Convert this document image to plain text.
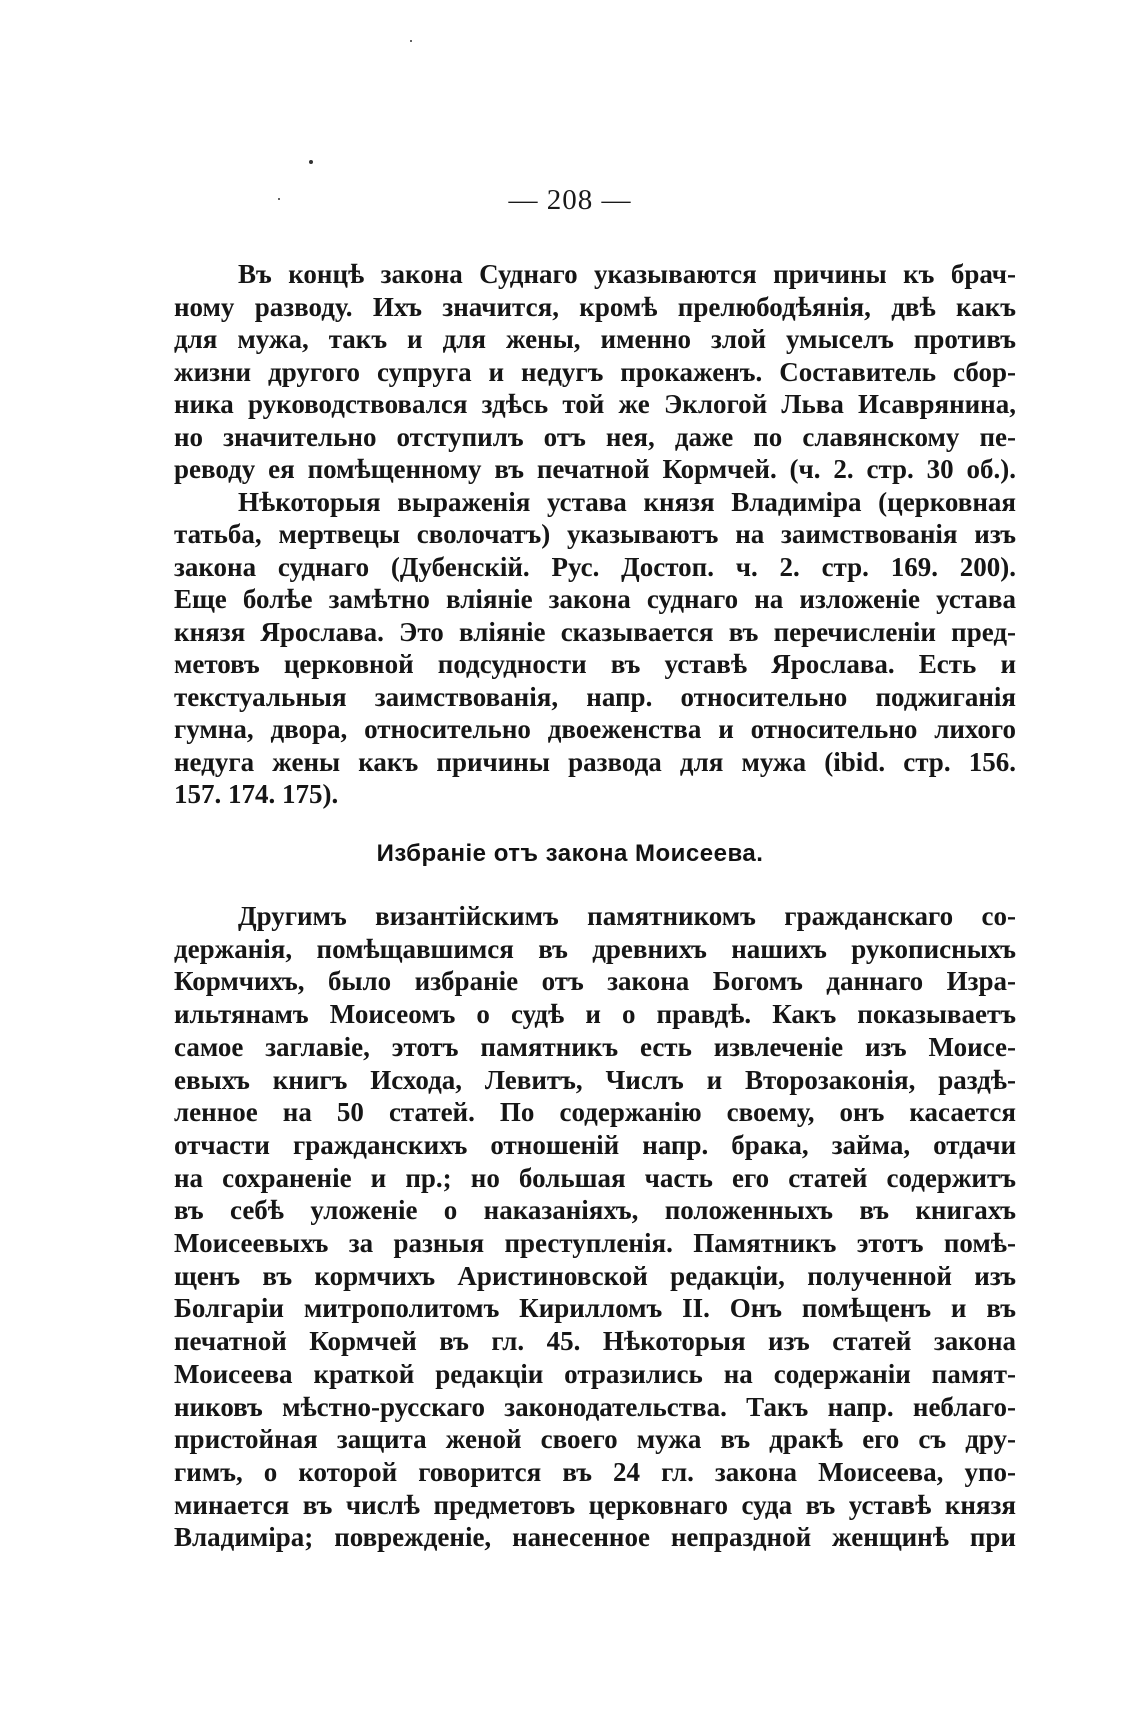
— 208 —
Въ концѣ закона Суднаго указываются причины къ брач-
ному разводу. Ихъ значится, кромѣ прелюбодѣянія, двѣ какъ
для мужа, такъ и для жены, именно злой умыселъ противъ
жизни другого супруга и недугъ прокаженъ. Составитель сбор-
ника руководствовался здѣсь той же Эклогой Льва Исаврянина,
но значительно отступилъ отъ нея, даже по славянскому пе-
реводу ея помѣщенному въ печатной Кормчей. (ч. 2. стр. 30 об.).
Нѣкоторыя выраженія устава князя Владиміра (церковная
татьба, мертвецы сволочатъ) указываютъ на заимствованія изъ
закона суднаго (Дубенскій. Рус. Достоп. ч. 2. стр. 169. 200).
Еще болѣе замѣтно вліяніе закона суднаго на изложеніе устава
князя Ярослава. Это вліяніе сказывается въ перечисленіи пред-
метовъ церковной подсудности въ уставѣ Ярослава. Есть и
текстуальныя заимствованія, напр. относительно поджиганія
гумна, двора, относительно двоеженства и относительно лихого
недуга жены какъ причины развода для мужа (ibid. стр. 156.
157. 174. 175).
Избраніе отъ закона Моисеева.
Другимъ византійскимъ памятникомъ гражданскаго со-
держанія, помѣщавшимся въ древнихъ нашихъ рукописныхъ
Кормчихъ, было избраніе отъ закона Богомъ даннаго Изра-
ильтянамъ Моисеомъ о судѣ и о правдѣ. Какъ показываетъ
самое заглавіе, этотъ памятникъ есть извлеченіе изъ Моисе-
евыхъ книгъ Исхода, Левитъ, Числъ и Второзаконія, раздѣ-
ленное на 50 статей. По содержанію своему, онъ касается
отчасти гражданскихъ отношеній напр. брака, займа, отдачи
на сохраненіе и пр.; но большая часть его статей содержитъ
въ себѣ уложеніе о наказаніяхъ, положенныхъ въ книгахъ
Моисеевыхъ за разныя преступленія. Памятникъ этотъ помѣ-
щенъ въ кормчихъ Аристиновской редакціи, полученной изъ
Болгаріи митрополитомъ Кирилломъ II. Онъ помѣщенъ и въ
печатной Кормчей въ гл. 45. Нѣкоторыя изъ статей закона
Моисеева краткой редакціи отразились на содержаніи памят-
никовъ мѣстно-русскаго законодательства. Такъ напр. неблаго-
пристойная защита женой своего мужа въ дракѣ его съ дру-
гимъ, о которой говорится въ 24 гл. закона Моисеева, упо-
минается въ числѣ предметовъ церковнаго суда въ уставѣ князя
Владиміра; поврежденіе, нанесенное непраздной женщинѣ при
